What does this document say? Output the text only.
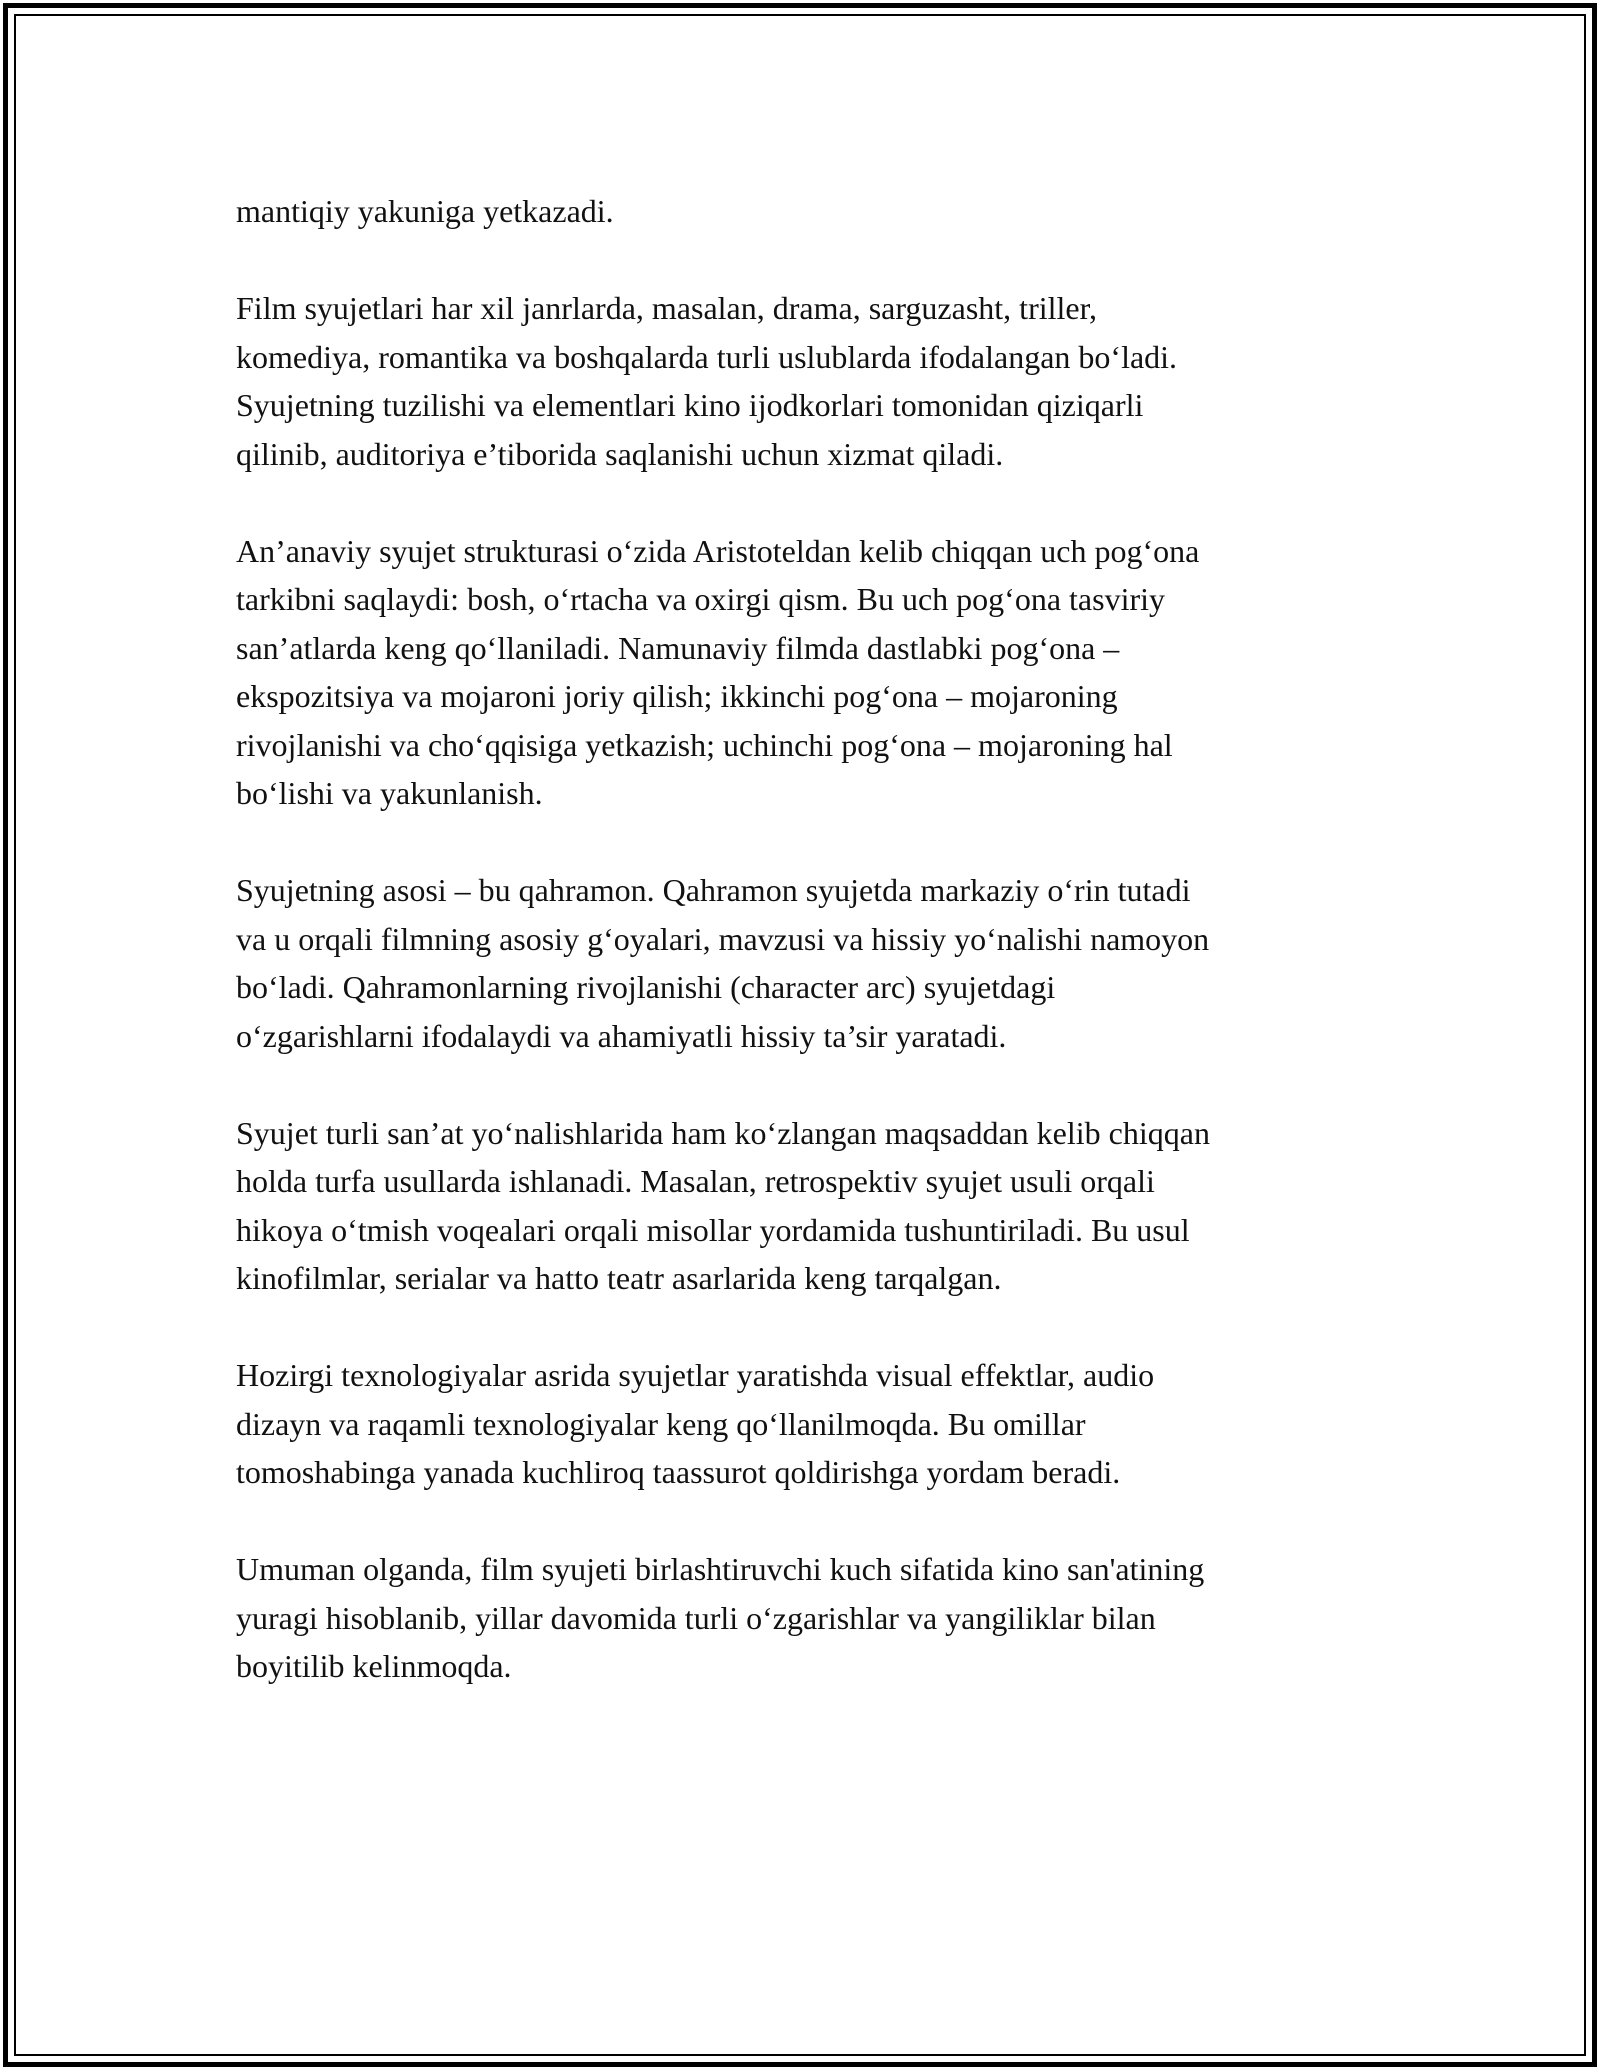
mantiqiy yakuniga yetkazadi.

Film syujetlari har xil janrlarda, masalan, drama, sarguzasht, triller,
komediya, romantika va boshqalarda turli uslublarda ifodalangan bo‘ladi.
Syujetning tuzilishi va elementlari kino ijodkorlari tomonidan qiziqarli
qilinib, auditoriya e’tiborida saqlanishi uchun xizmat qiladi.

An’anaviy syujet strukturasi o‘zida Aristoteldan kelib chiqqan uch pog‘ona
tarkibni saqlaydi: bosh, o‘rtacha va oxirgi qism. Bu uch pog‘ona tasviriy
san’atlarda keng qo‘llaniladi. Namunaviy filmda dastlabki pog‘ona –
ekspozitsiya va mojaroni joriy qilish; ikkinchi pog‘ona – mojaroning
rivojlanishi va cho‘qqisiga yetkazish; uchinchi pog‘ona – mojaroning hal
bo‘lishi va yakunlanish.

Syujetning asosi – bu qahramon. Qahramon syujetda markaziy o‘rin tutadi
va u orqali filmning asosiy g‘oyalari, mavzusi va hissiy yo‘nalishi namoyon
bo‘ladi. Qahramonlarning rivojlanishi (character arc) syujetdagi
o‘zgarishlarni ifodalaydi va ahamiyatli hissiy ta’sir yaratadi.

Syujet turli san’at yo‘nalishlarida ham ko‘zlangan maqsaddan kelib chiqqan
holda turfa usullarda ishlanadi. Masalan, retrospektiv syujet usuli orqali
hikoya o‘tmish voqealari orqali misollar yordamida tushuntiriladi. Bu usul
kinofilmlar, serialar va hatto teatr asarlarida keng tarqalgan.

Hozirgi texnologiyalar asrida syujetlar yaratishda visual effektlar, audio
dizayn va raqamli texnologiyalar keng qo‘llanilmoqda. Bu omillar
tomoshabinga yanada kuchliroq taassurot qoldirishga yordam beradi.

Umuman olganda, film syujeti birlashtiruvchi kuch sifatida kino san'atining
yuragi hisoblanib, yillar davomida turli o‘zgarishlar va yangiliklar bilan
boyitilib kelinmoqda.
